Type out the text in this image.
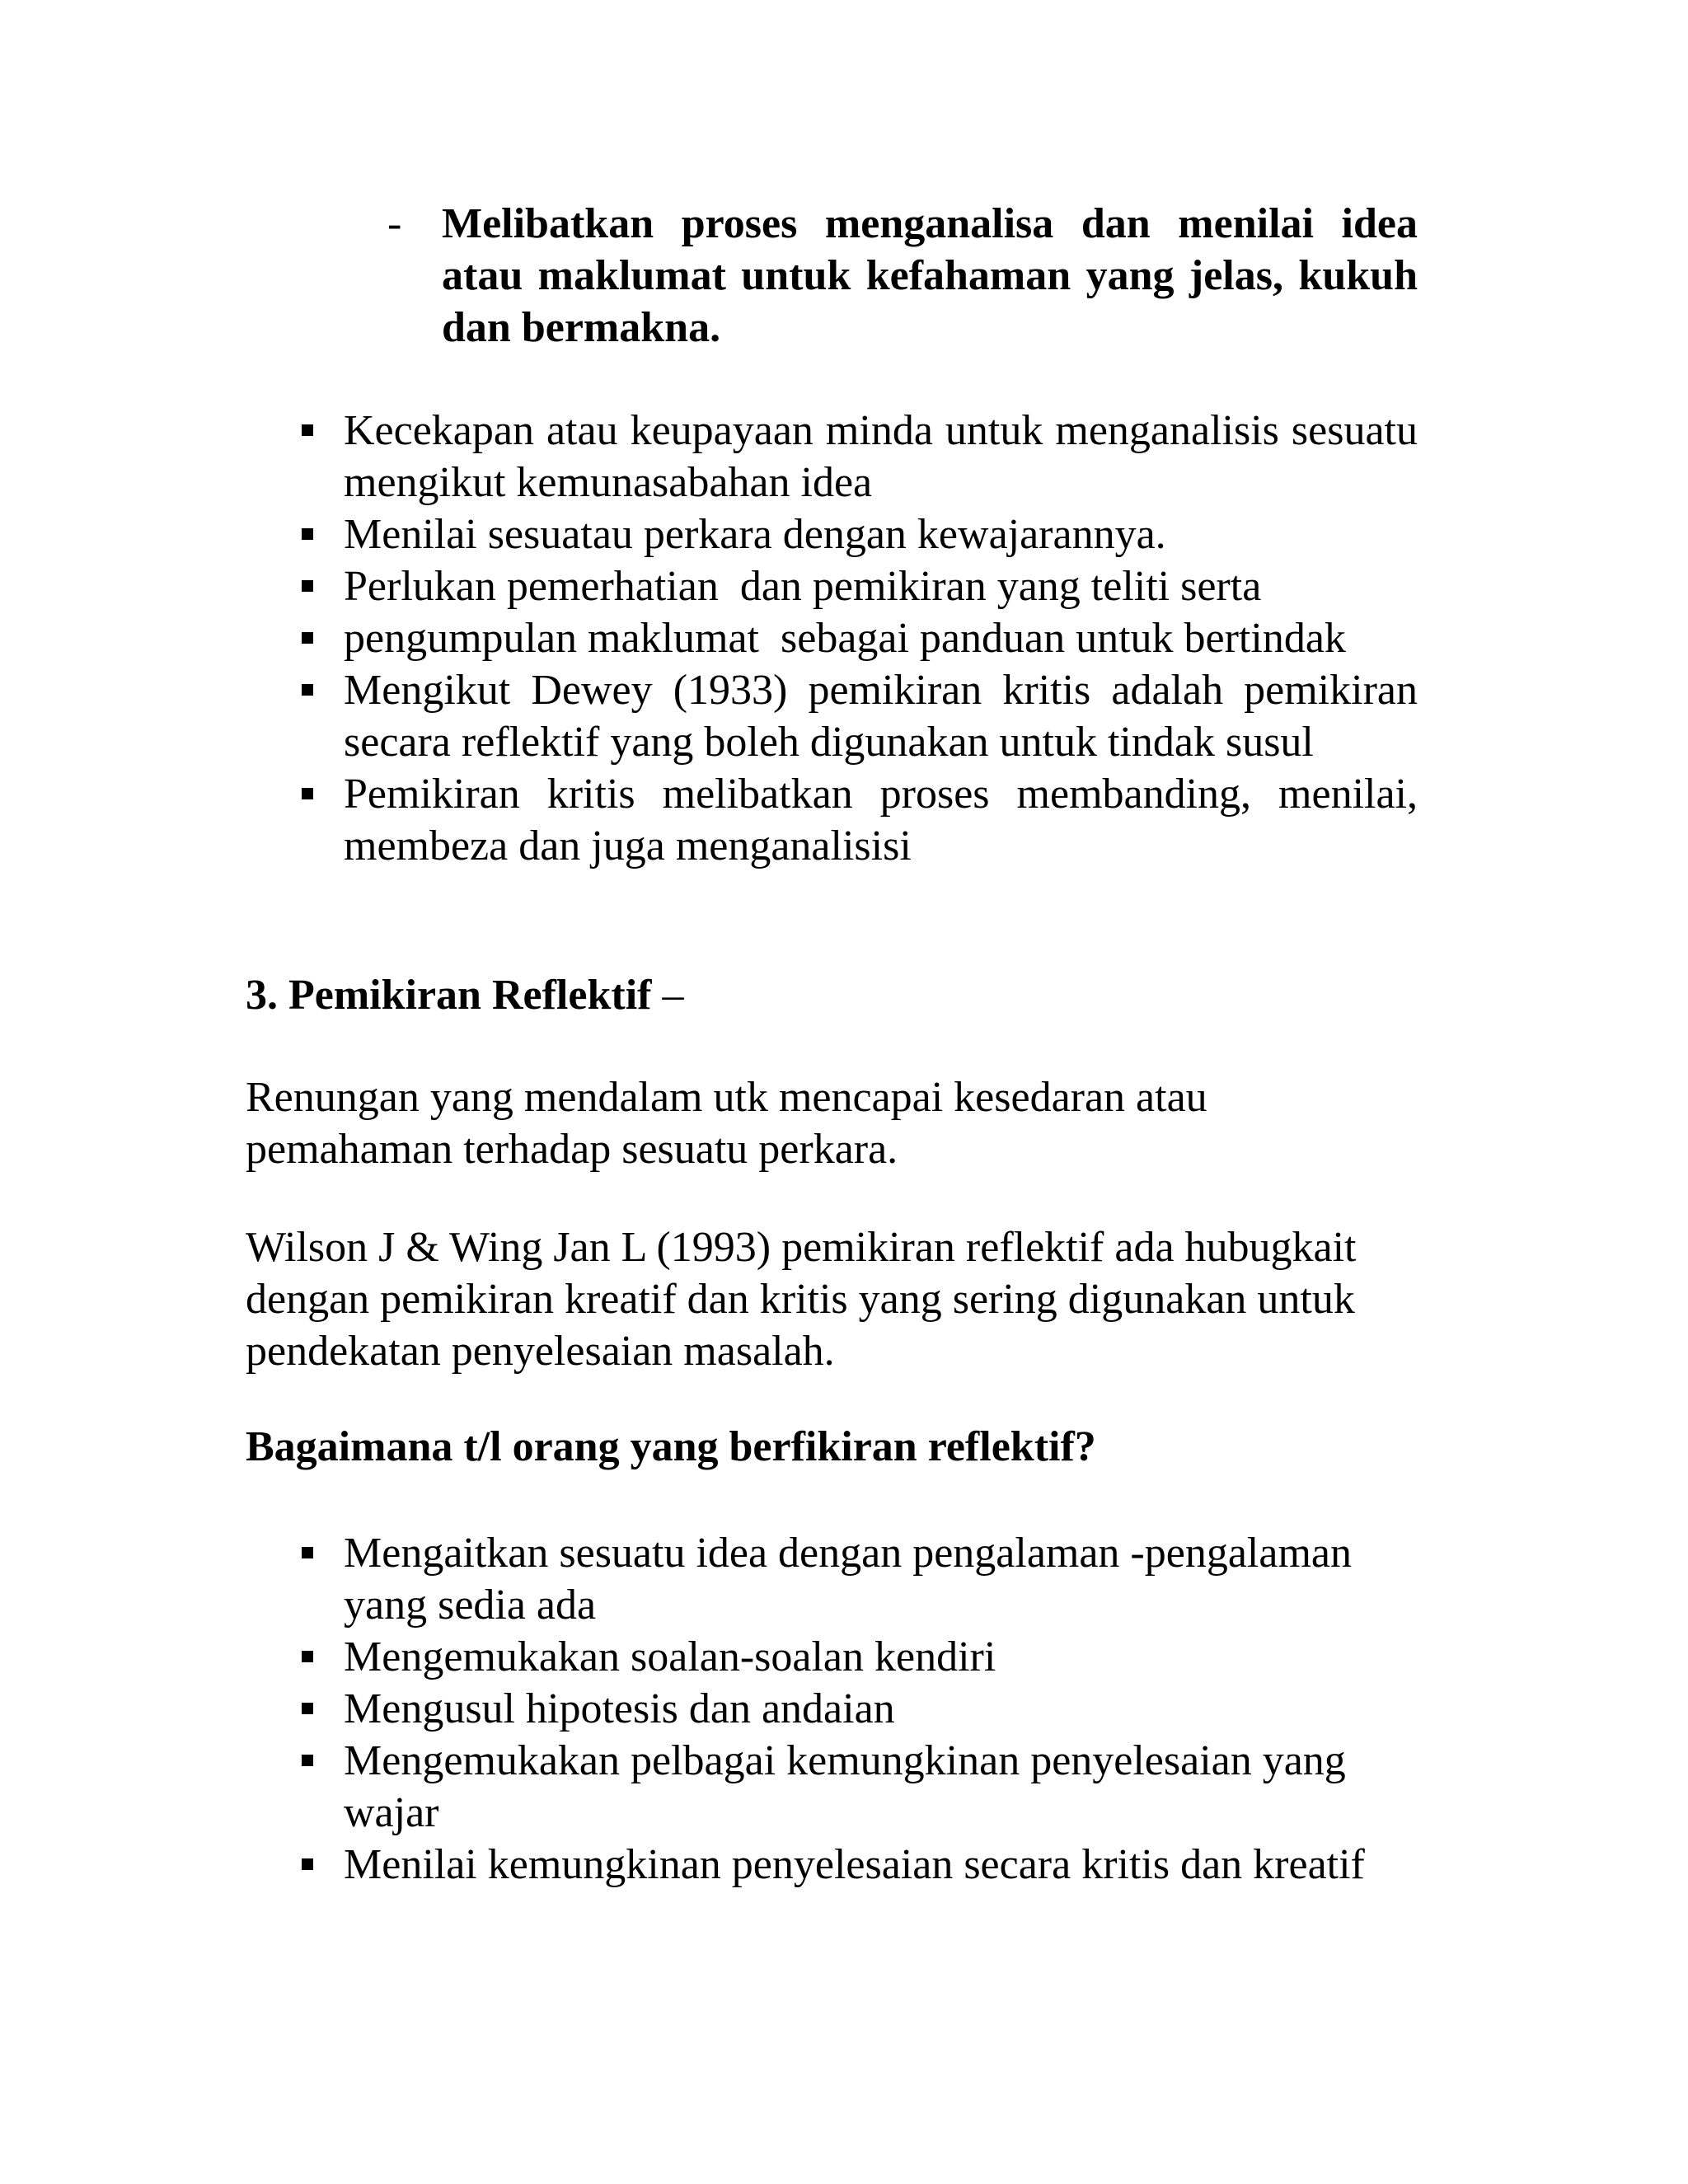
- Melibatkan proses menganalisa dan menilai idea atau maklumat untuk kefahaman yang jelas, kukuh dan bermakna.
Kecekapan atau keupayaan minda untuk menganalisis sesuatu mengikut kemunasabahan idea
Menilai sesuatau perkara dengan kewajarannya.
Perlukan pemerhatian  dan pemikiran yang teliti serta
pengumpulan maklumat  sebagai panduan untuk bertindak
Mengikut Dewey (1933) pemikiran kritis adalah pemikiran secara reflektif yang boleh digunakan untuk tindak susul
Pemikiran kritis melibatkan proses membanding, menilai, membeza dan juga menganalisisi
3. Pemikiran Reflektif –
Renungan yang mendalam utk mencapai kesedaran atau pemahaman terhadap sesuatu perkara.
Wilson J & Wing Jan L (1993) pemikiran reflektif ada hubugkait dengan pemikiran kreatif dan kritis yang sering digunakan untuk pendekatan penyelesaian masalah.
Bagaimana t/l orang yang berfikiran reflektif?
Mengaitkan sesuatu idea dengan pengalaman -pengalaman yang sedia ada
Mengemukakan soalan-soalan kendiri
Mengusul hipotesis dan andaian
Mengemukakan pelbagai kemungkinan penyelesaian yang wajar
Menilai kemungkinan penyelesaian secara kritis dan kreatif
